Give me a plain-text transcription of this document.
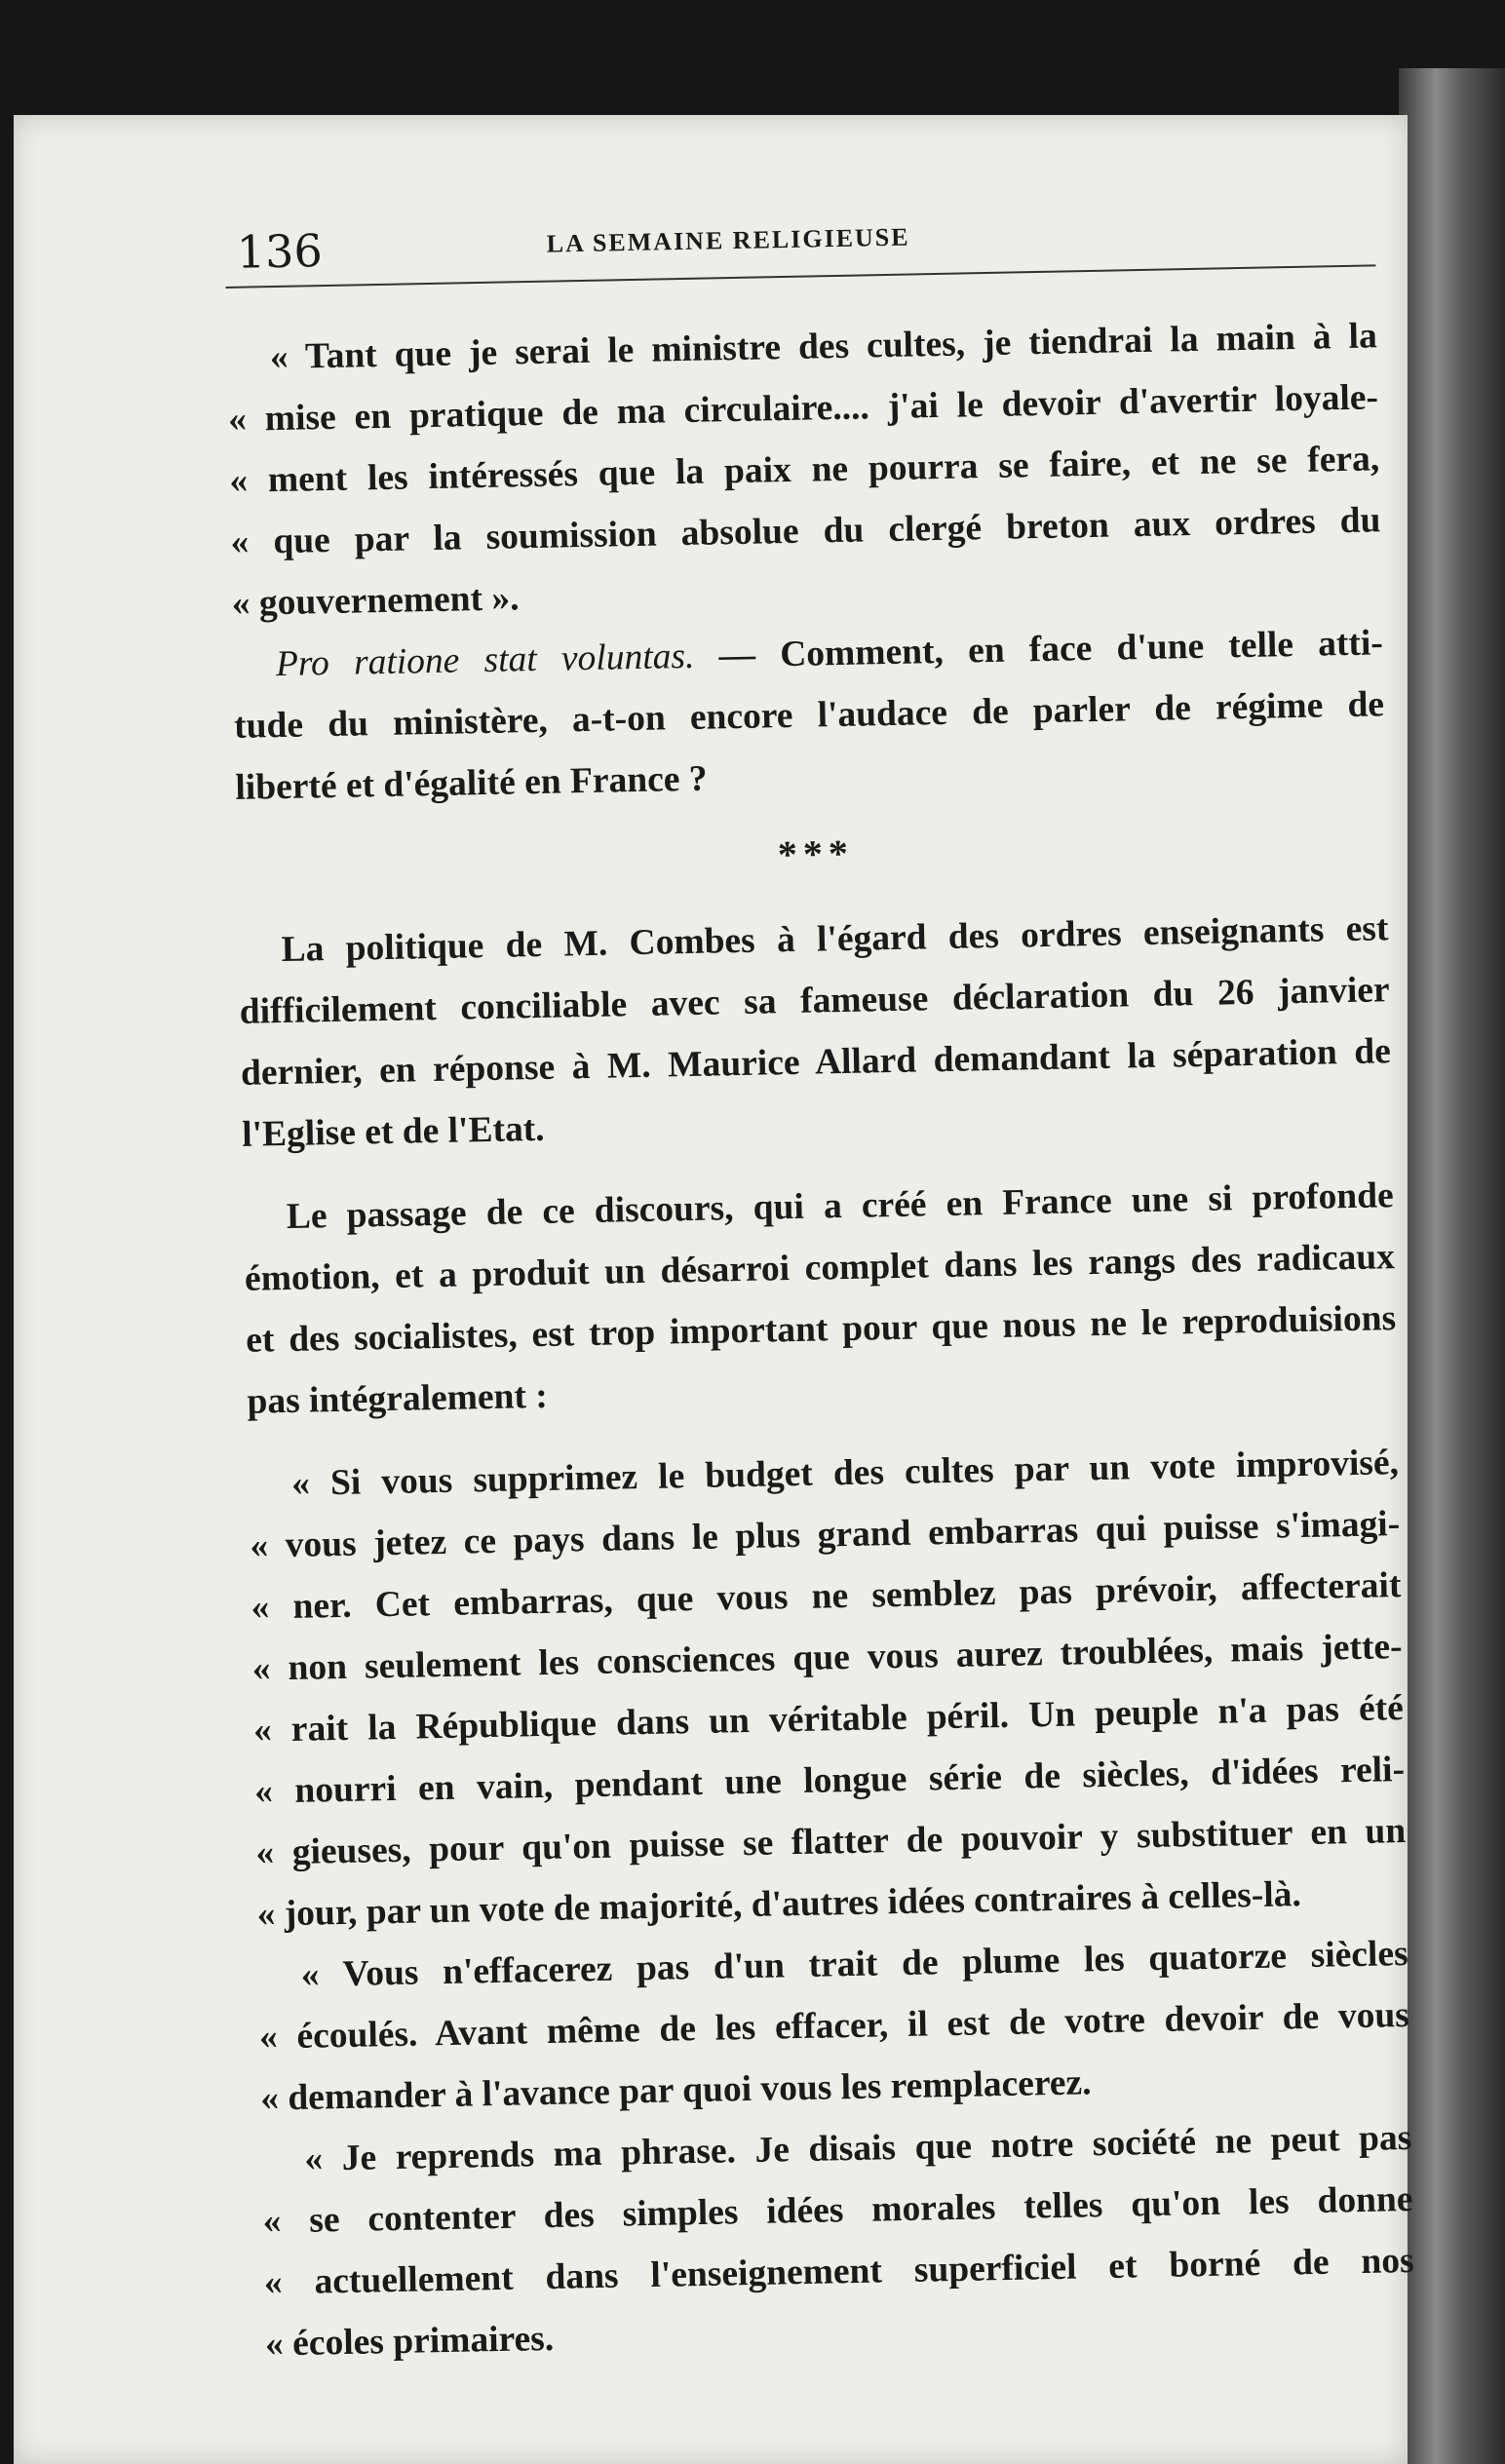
136	LA SEMAINE RELIGIEUSE
« Tant que je serai le ministre des cultes, je tiendrai la main à la
« mise en pratique de ma circulaire.... j'ai le devoir d'avertir loyale-
« ment les intéressés que la paix ne pourra se faire, et ne se fera,
« que par la soumission absolue du clergé breton aux ordres du
« gouvernement ».
Pro ratione stat voluntas. — Comment, en face d'une telle atti-
tude du ministère, a-t-on encore l'audace de parler de régime de
liberté et d'égalité en France ?
* * *
La politique de M. Combes à l'égard des ordres enseignants est
difficilement conciliable avec sa fameuse déclaration du 26 janvier
dernier, en réponse à M. Maurice Allard demandant la séparation de
l'Eglise et de l'Etat.
Le passage de ce discours, qui a créé en France une si profonde
émotion, et a produit un désarroi complet dans les rangs des radicaux
et des socialistes, est trop important pour que nous ne le reproduisions
pas intégralement :
« Si vous supprimez le budget des cultes par un vote improvisé,
« vous jetez ce pays dans le plus grand embarras qui puisse s'imagi-
« ner. Cet embarras, que vous ne semblez pas prévoir, affecterait
« non seulement les consciences que vous aurez troublées, mais jette-
« rait la République dans un véritable péril. Un peuple n'a pas été
« nourri en vain, pendant une longue série de siècles, d'idées reli-
« gieuses, pour qu'on puisse se flatter de pouvoir y substituer en un
« jour, par un vote de majorité, d'autres idées contraires à celles-là.
« Vous n'effacerez pas d'un trait de plume les quatorze siècles
« écoulés. Avant même de les effacer, il est de votre devoir de vous
« demander à l'avance par quoi vous les remplacerez.
« Je reprends ma phrase. Je disais que notre société ne peut pas
« se contenter des simples idées morales telles qu'on les donne
« actuellement dans l'enseignement superficiel et borné de nos
« écoles primaires.
